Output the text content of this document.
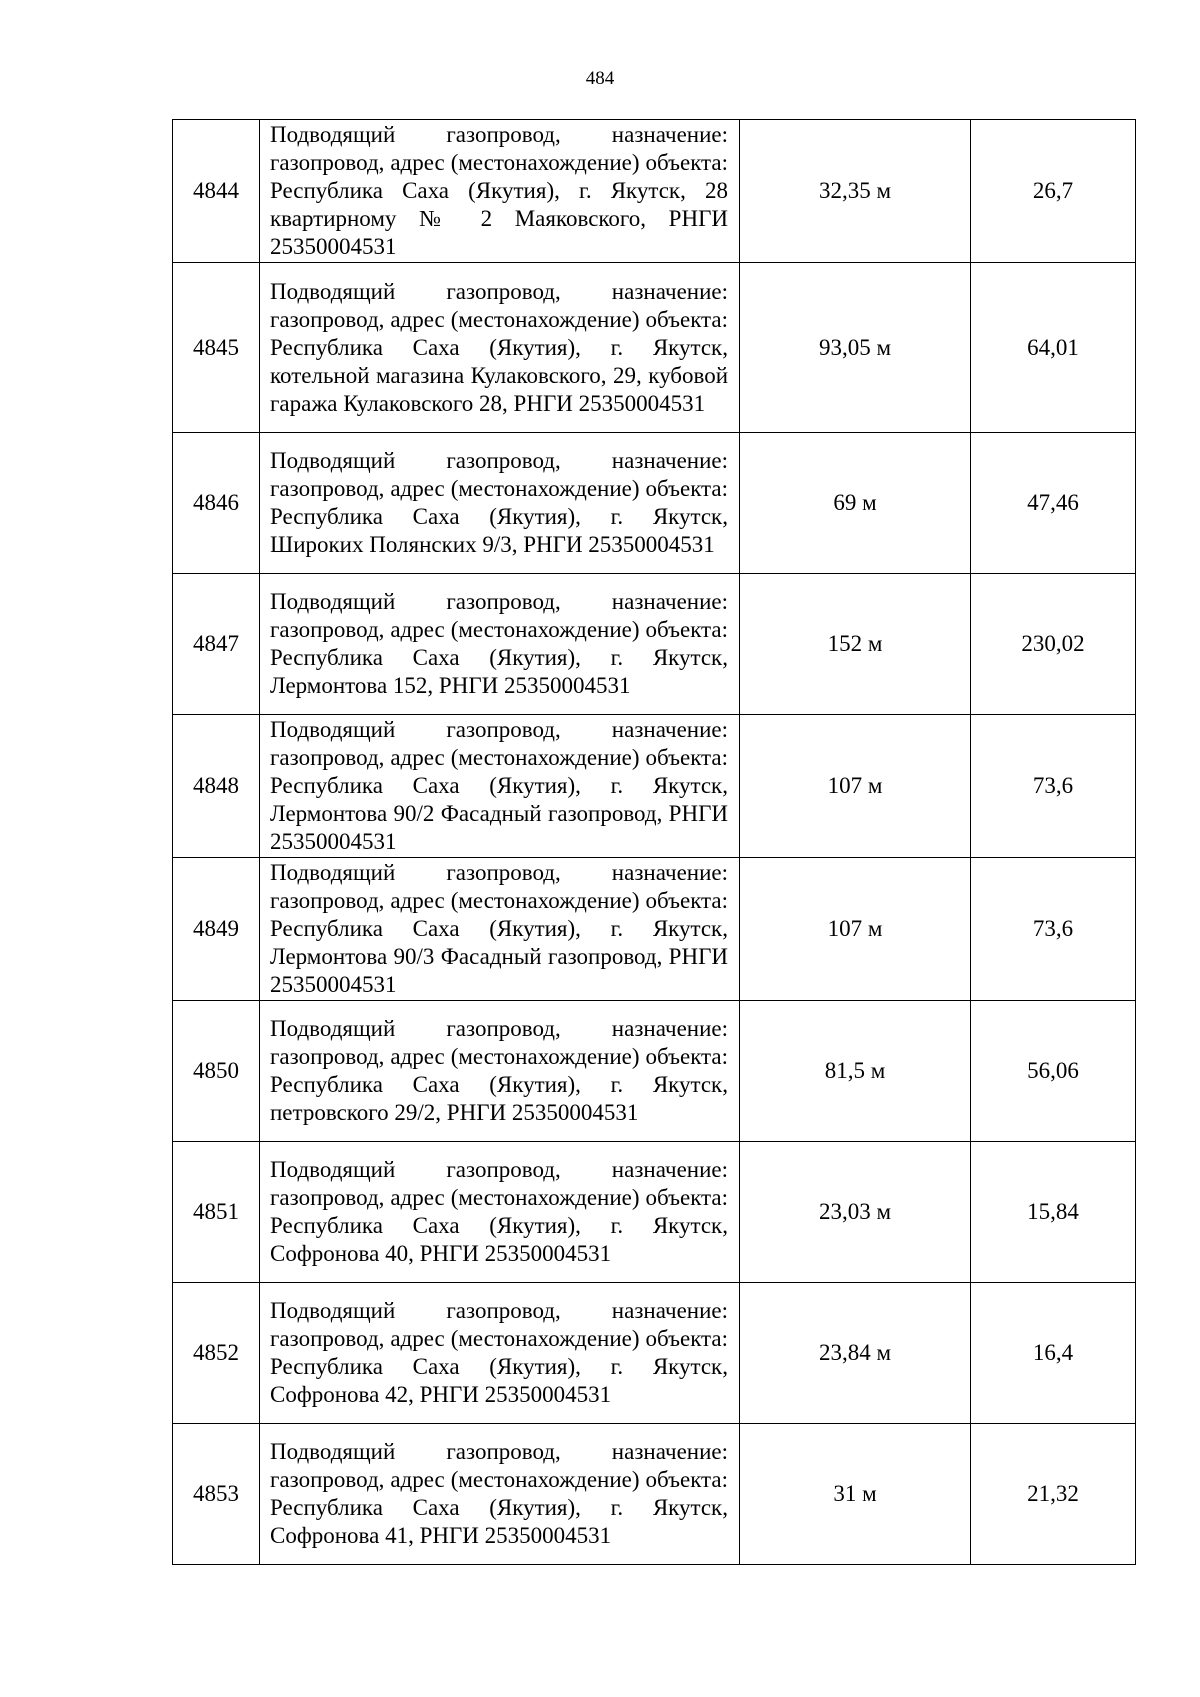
484
4844	Подводящий газопровод, назначение: газопровод, адрес (местонахождение) объекта: Республика Саха (Якутия), г. Якутск, 28 квартирному № 2 Маяковского, РНГИ 25350004531	32,35 м	26,7
4845	Подводящий газопровод, назначение: газопровод, адрес (местонахождение) объекта: Республика Саха (Якутия), г. Якутск, котельной магазина Кулаковского, 29, кубовой гаража Кулаковского 28, РНГИ 25350004531	93,05 м	64,01
4846	Подводящий газопровод, назначение: газопровод, адрес (местонахождение) объекта: Республика Саха (Якутия), г. Якутск, Широких Полянских 9/3, РНГИ 25350004531	69 м	47,46
4847	Подводящий газопровод, назначение: газопровод, адрес (местонахождение) объекта: Республика Саха (Якутия), г. Якутск, Лермонтова 152, РНГИ 25350004531	152 м	230,02
4848	Подводящий газопровод, назначение: газопровод, адрес (местонахождение) объекта: Республика Саха (Якутия), г. Якутск, Лермонтова 90/2 Фасадный газопровод, РНГИ 25350004531	107 м	73,6
4849	Подводящий газопровод, назначение: газопровод, адрес (местонахождение) объекта: Республика Саха (Якутия), г. Якутск, Лермонтова 90/3 Фасадный газопровод, РНГИ 25350004531	107 м	73,6
4850	Подводящий газопровод, назначение: газопровод, адрес (местонахождение) объекта: Республика Саха (Якутия), г. Якутск, петровского 29/2, РНГИ 25350004531	81,5 м	56,06
4851	Подводящий газопровод, назначение: газопровод, адрес (местонахождение) объекта: Республика Саха (Якутия), г. Якутск, Софронова 40, РНГИ 25350004531	23,03 м	15,84
4852	Подводящий газопровод, назначение: газопровод, адрес (местонахождение) объекта: Республика Саха (Якутия), г. Якутск, Софронова 42, РНГИ 25350004531	23,84 м	16,4
4853	Подводящий газопровод, назначение: газопровод, адрес (местонахождение) объекта: Республика Саха (Якутия), г. Якутск, Софронова 41, РНГИ 25350004531	31 м	21,32
